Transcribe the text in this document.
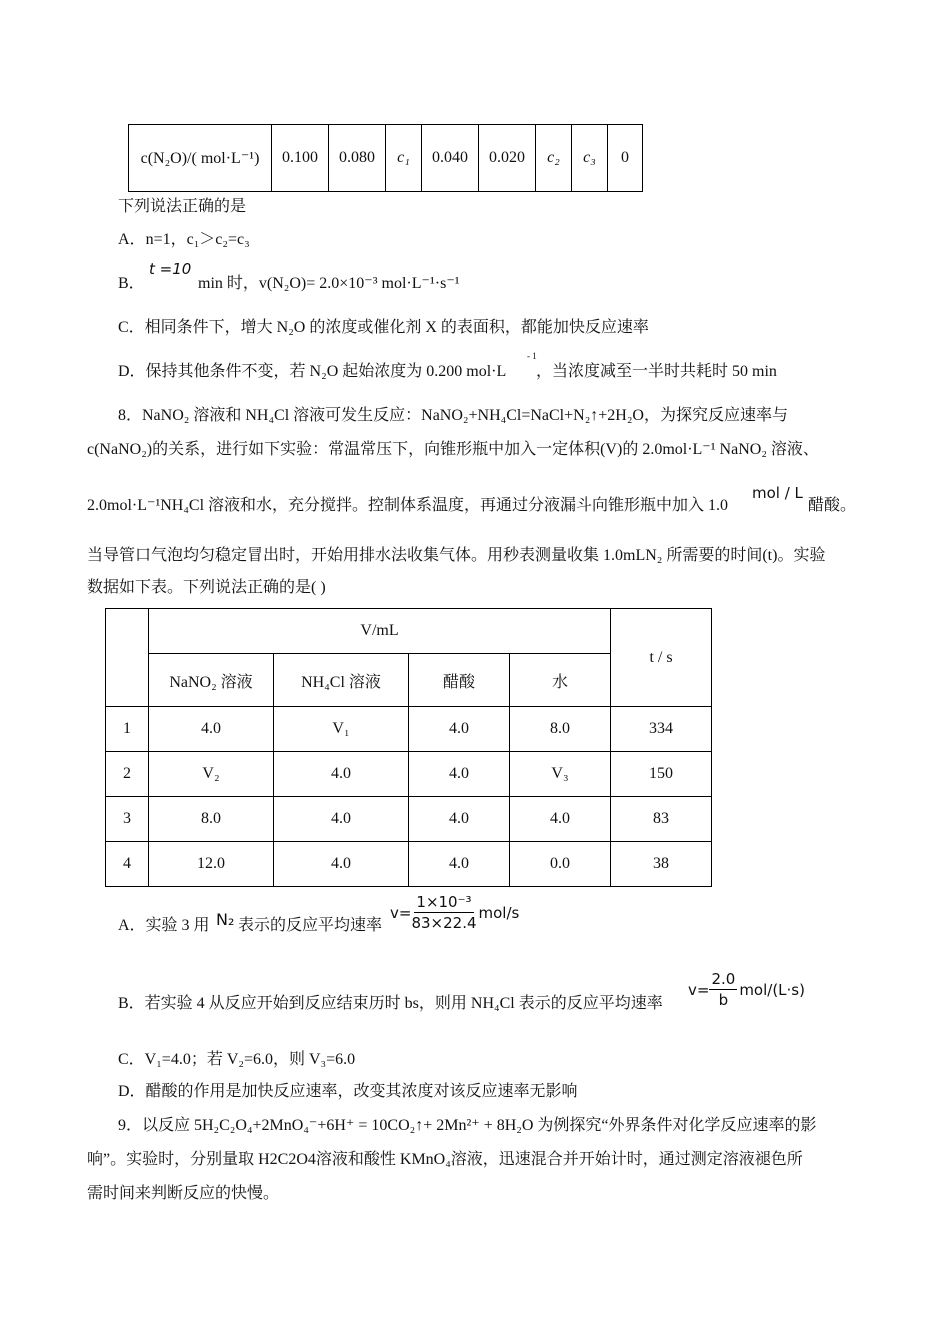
c(N₂O)/( mol·L⁻¹)	0.100	0.080	c₁	0.040	0.020	c₂	c₃	0
下列说法正确的是
A．n=1，c₁＞c₂=c₃
B．
t =10
min 时，v(N₂O)= 2.0×10⁻³ mol·L⁻¹·s⁻¹
C．相同条件下，增大 N₂O 的浓度或催化剂 X 的表面积，都能加快反应速率
D．保持其他条件不变，若 N₂O 起始浓度为 0.200 mol·L
- 1
，当浓度减至一半时共耗时 50 min
8．NaNO₂ 溶液和 NH₄Cl 溶液可发生反应：NaNO₂+NH₄Cl=NaCl+N₂↑+2H₂O，为探究反应速率与
c(NaNO₂)的关系，进行如下实验：常温常压下，向锥形瓶中加入一定体积(V)的 2.0mol·L⁻¹ NaNO₂ 溶液、
2.0mol·L⁻¹NH₄Cl 溶液和水，充分搅拌。控制体系温度，再通过分液漏斗向锥形瓶中加入 1.0
mol / L
醋酸。
当导管口气泡均匀稳定冒出时，开始用排水法收集气体。用秒表测量收集 1.0mLN₂ 所需要的时间(t)。实验
数据如下表。下列说法正确的是( )
	V/mL				t / s
	NaNO₂ 溶液	NH₄Cl 溶液	醋酸	水	
1	4.0	V₁	4.0	8.0	334
2	V₂	4.0	4.0	V₃	150
3	8.0	4.0	4.0	4.0	83
4	12.0	4.0	4.0	0.0	38
A．实验 3 用 N₂ 表示的反应平均速率
$v= \frac{\text{1×10⁻³}}{83\times 22.4} mol/s$
B．若实验 4 从反应开始到反应结束历时 bs，则用 NH₄Cl 表示的反应平均速率
$v= \frac{2.0}{b} mol/(L\cdot s)$
C．V₁=4.0；若 V₂=6.0，则 V₃=6.0
D．醋酸的作用是加快反应速率，改变其浓度对该反应速率无影响
9．以反应 5H₂C₂O₄+2MnO₄⁻+6H⁺ = 10CO₂↑+ 2Mn²⁺ + 8H₂O 为例探究“外界条件对化学反应速率的影
响”。实验时，分别量取 H2C2O4溶液和酸性 KMnO₄溶液，迅速混合并开始计时，通过测定溶液褪色所
需时间来判断反应的快慢。
